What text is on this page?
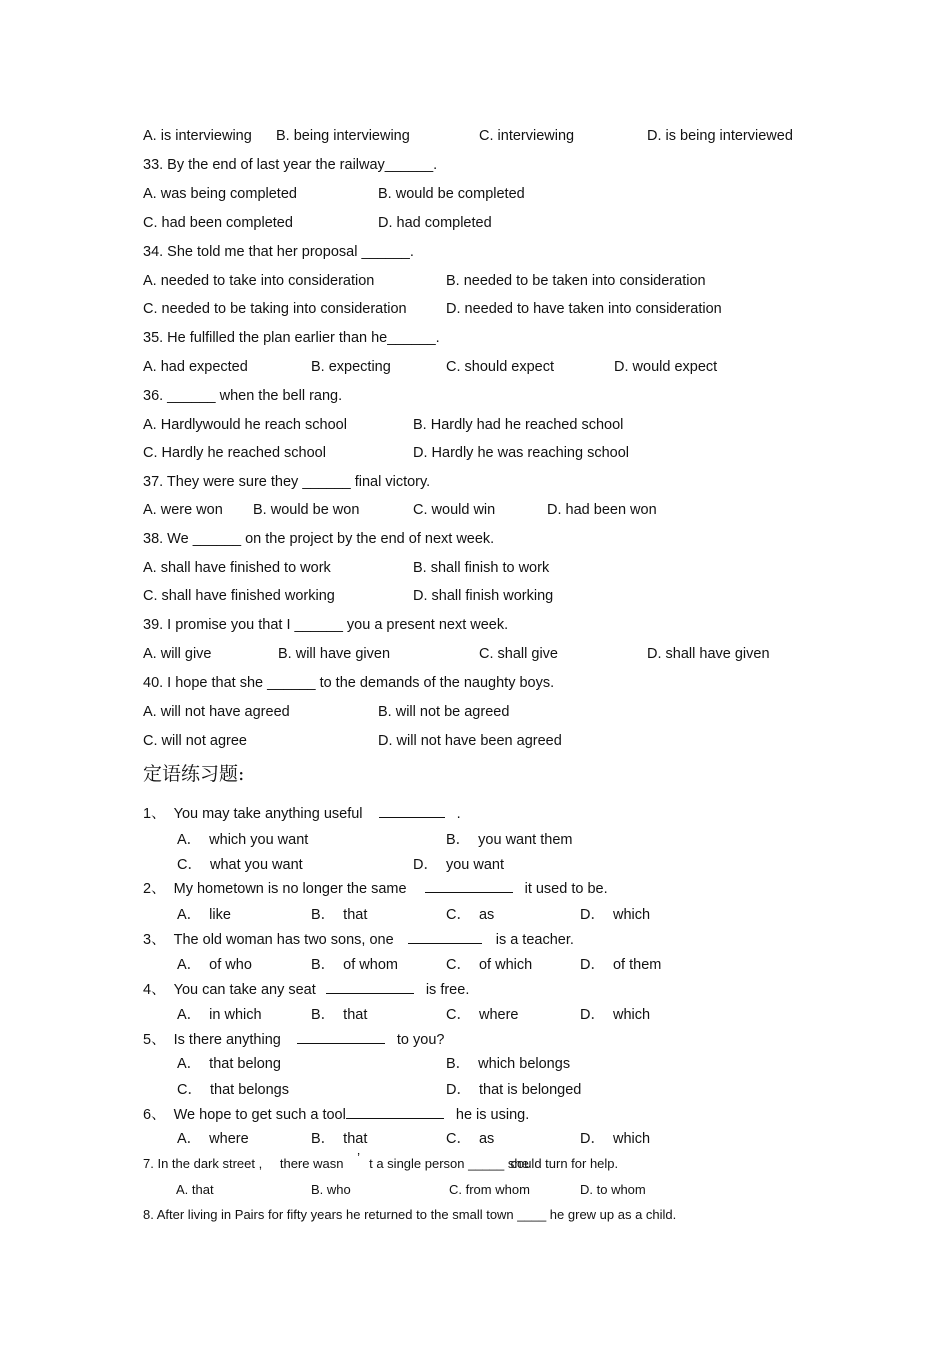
A. is interviewing B. being interviewing	C. interviewing	D. is being interviewed
33. By the end of last year the railway______.
A. was being completed	B. would be completed
C. had been completed	D. had completed
34. She told me that her proposal ______.
A. needed to take into consideration	B. needed to be taken into consideration
C. needed to be taking into consideration	D. needed to have taken into consideration
35. He fulfilled the plan earlier than he______.
A. had expected	B. expecting	C. should expect	D. would expect
36. ______ when the bell rang.
A. Hardlywould he reach school	B. Hardly had he reached school
C. Hardly he reached school	D. Hardly he was reaching school
37. They were sure they ______ final victory.
A. were won B. would be won	C. would win	D. had been won
38. We ______ on the project by the end of next week.
A. shall have finished to work	B. shall finish to work
C. shall have finished working	D. shall finish working
39. I promise you that I ______ you a present next week.
A. will give	B. will have given	C. shall give	D. shall have given
40. I hope that she ______ to the demands of the naughty boys.
A. will not have agreed	B. will not be agreed
C. will not agree	D. will not have been agreed
定语练习题:
1、 You may take anything useful	.
A． which you want	B． you want them
C． what you want	D． you want
2、 My hometown is no longer the same	it used to be.
A． like	B． that	C． as	D． which
3、 The old woman has two sons, one	is a teacher.
A． of who	B． of whom	C． of which	D． of them
4、 You can take any seat	is free.
A． in which	B． that	C． where	D． which
5、 Is there anything	to you?
A． that belong	B． which belongs
C． that belongs	D． that is belonged
6、 We hope to get such a tool	he is using.
A． where	B． that	C． as	D． which
7. In the dark street , there wasn ’ t a single person _____ she could turn for help.
A. that	B. who	C. from whom	D. to whom
8. After living in Pairs for fifty years he returned to the small town ____ he grew up as a child.
